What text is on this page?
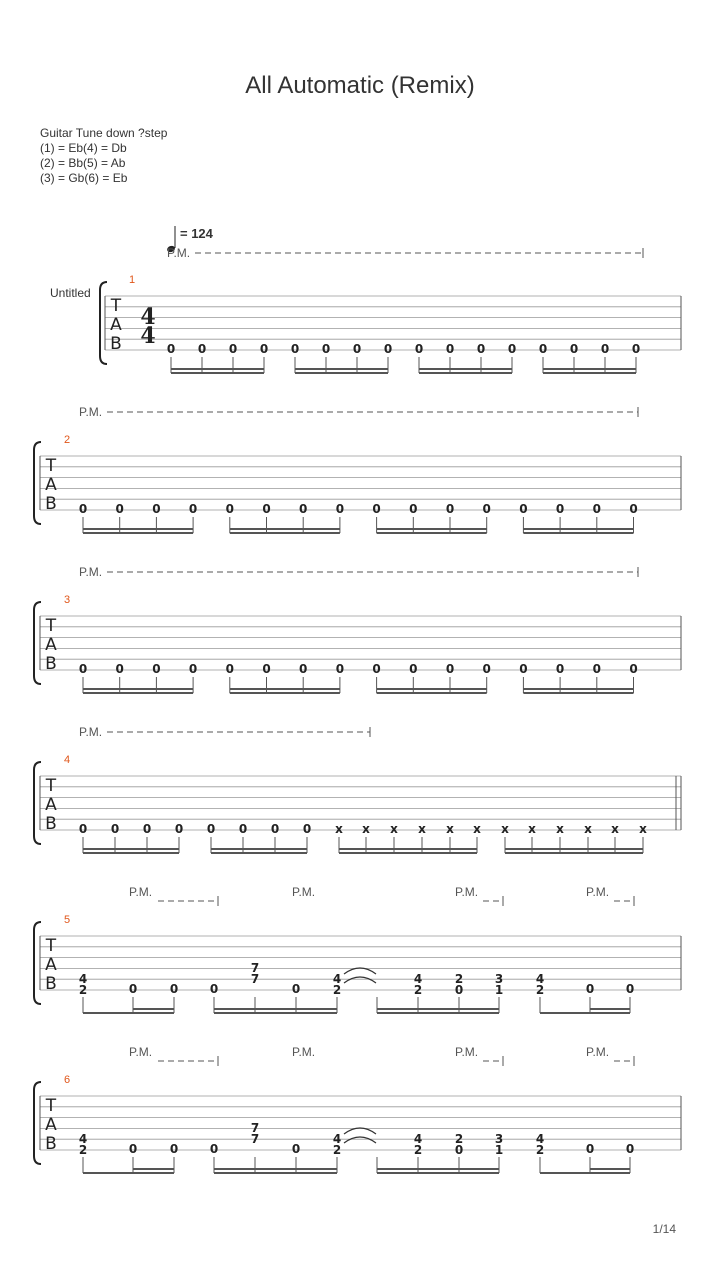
All Automatic (Remix)
Guitar Tune down ?step
(1) = Eb(4) = Db
(2) = Bb(5) = Ab
(3) = Gb(6) = Eb
= 124
Untitled
1/14
T
A
B
1
4
4
P.M.
0 0 0 0 0 0 0 0 0 0 0 0 0 0 0 0
T
A
B
2
P.M.
0 0 0 0 0 0 0 0 0 0 0 0 0 0 0 0
T
A
B
3
P.M.
0 0 0 0 0 0 0 0 0 0 0 0 0 0 0 0
T
A
B
4
P.M.
0 0 0 0 0 0 0 0 x x x x x x x x x x x x
T
A
B
5
P.M.	P.M.	P.M.	P.M.
4
2	0	0	0
7
7
0
4
2
4
2
2
0
3
1
4
2	0	0
T
A
B
6
P.M.	P.M.	P.M.	P.M.
4
2	0	0	0
7
7
0
4
2
4
2
2
0
3
1
4
2	0	0
